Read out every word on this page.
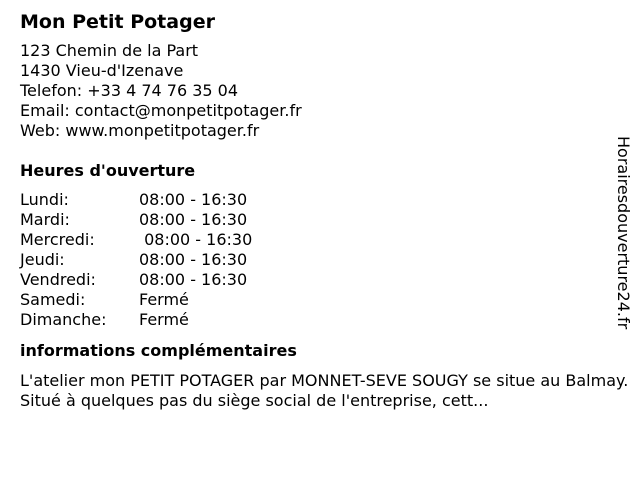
Mon Petit Potager
123 Chemin de la Part
1430 Vieu-d'Izenave
Telefon: +33 4 74 76 35 04
Email: contact@monpetitpotager.fr
Web: www.monpetitpotager.fr
Heures d'ouverture
Lundi:	08:00 - 16:30
Mardi:	08:00 - 16:30
Mercredi:	08:00 - 16:30
Jeudi:	08:00 - 16:30
Vendredi:	08:00 - 16:30
Samedi:	Fermé
Dimanche:	Fermé
informations complémentaires
L'atelier mon PETIT POTAGER par MONNET-SEVE SOUGY se situe au Balmay. Situé à quelques pas du siège social de l'entreprise, cett...
Horairesdouverture24.fr
